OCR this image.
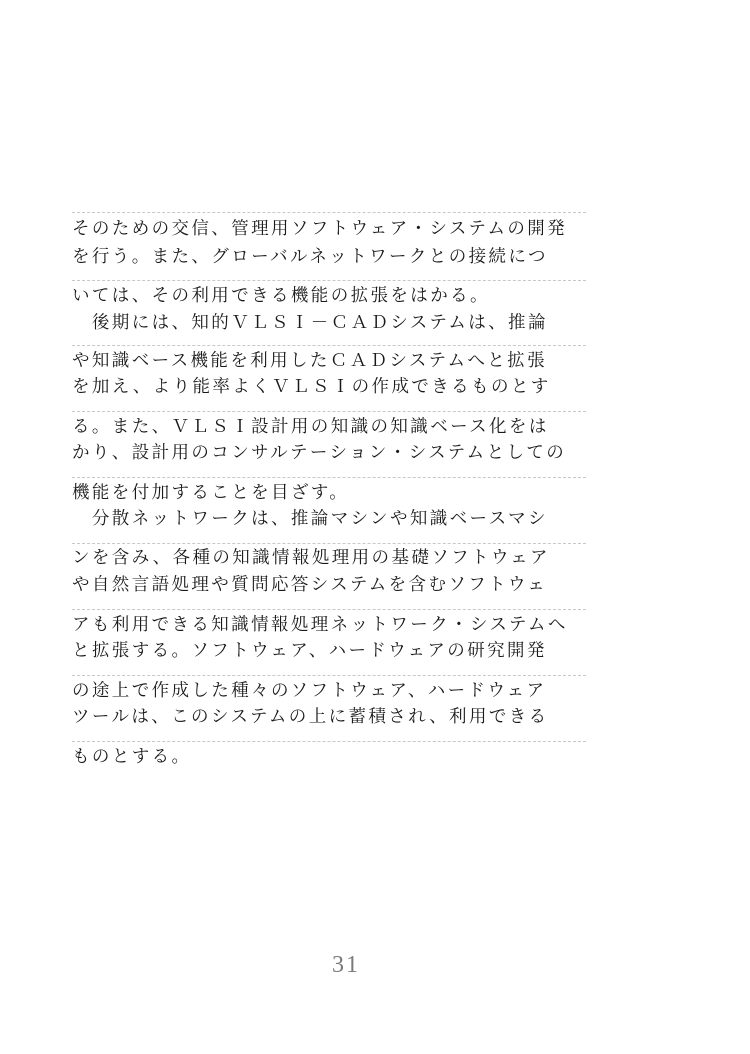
そのための交信、管理用ソフトウェア・システムの開発
を行う。また、グローバルネットワークとの接続につ
いては、その利用できる機能の拡張をはかる。
　後期には、知的ＶＬＳＩ－ＣＡＤシステムは、推論
や知識ベース機能を利用したＣＡＤシステムへと拡張
を加え、より能率よくＶＬＳＩの作成できるものとす
る。また、ＶＬＳＩ設計用の知識の知識ベース化をは
かり、設計用のコンサルテーション・システムとしての
機能を付加することを目ざす。
　分散ネットワークは、推論マシンや知識ベースマシ
ンを含み、各種の知識情報処理用の基礎ソフトウェア
や自然言語処理や質問応答システムを含むソフトウェ
アも利用できる知識情報処理ネットワーク・システムへ
と拡張する。ソフトウェア、ハードウェアの研究開発
の途上で作成した種々のソフトウェア、ハードウェア
ツールは、このシステムの上に蓄積され、利用できる
ものとする。
31
